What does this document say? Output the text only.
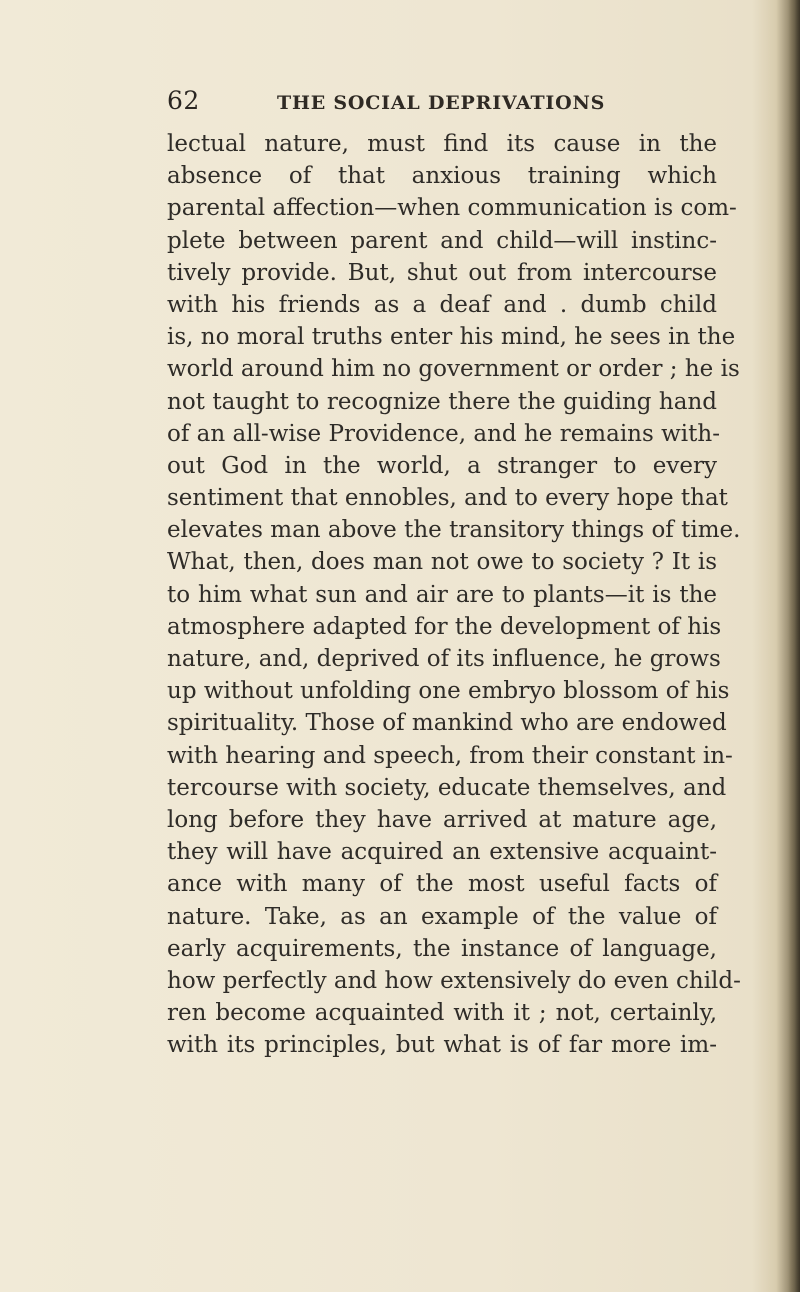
62	THE SOCIAL DEPRIVATIONS
lectual nature, must find its cause in the
absence of that anxious training which
parental affection—when communication is com-
plete between parent and child—will instinc-
tively provide. But, shut out from intercourse
with his friends as a deaf and . dumb child
is, no moral truths enter his mind, he sees in the
world around him no government or order ; he is
not taught to recognize there the guiding hand
of an all-wise Providence, and he remains with-
out God in the world, a stranger to every
sentiment that ennobles, and to every hope that
elevates man above the transitory things of time.
What, then, does man not owe to society ? It is
to him what sun and air are to plants—it is the
atmosphere adapted for the development of his
nature, and, deprived of its influence, he grows
up without unfolding one embryo blossom of his
spirituality. Those of mankind who are endowed
with hearing and speech, from their constant in-
tercourse with society, educate themselves, and
long before they have arrived at mature age,
they will have acquired an extensive acquaint-
ance with many of the most useful facts of
nature. Take, as an example of the value of
early acquirements, the instance of language,
how perfectly and how extensively do even child-
ren become acquainted with it ; not, certainly,
with its principles, but what is of far more im-
